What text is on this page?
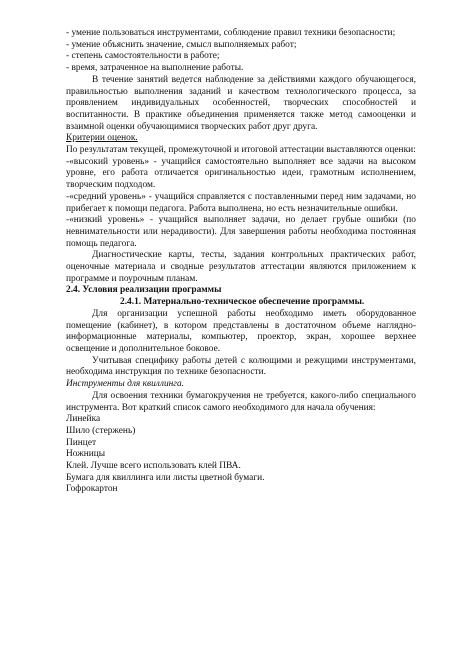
- умение пользоваться инструментами, соблюдение правил техники безопасности;

- умение объяснить значение, смысл выполняемых работ;

- степень самостоятельности в работе;

- время, затраченное на выполнение работы.

В течение занятий ведется наблюдение за действиями каждого обучающегося, правильностью выполнения заданий и качеством технологического процесса, за проявлением индивидуальных особенностей, творческих способностей и воспитанности. В практике объединения применяется также метод самооценки и взаимной оценки обучающимися творческих работ друг друга.

Критерии оценок.

По результатам текущей, промежуточной и итоговой аттестации выставляются оценки:

-«высокий уровень» - учащийся самостоятельно выполняет все задачи на высоком уровне, его работа отличается оригинальностью идеи, грамотным исполнением, творческим подходом.

-«средний уровень» - учащийся справляется с поставленными перед ним задачами, но прибегает к помощи педагога. Работа выполнена, но есть незначительные ошибки.

-«низкий уровень» - учащийся выполняет задачи, но делает грубые ошибки (по невнимательности или нерадивости). Для завершения работы необходима постоянная помощь педагога.

Диагностические карты, тесты, задания контрольных практических работ, оценочные материала и сводные результатов аттестации являются приложением к программе и поурочным планам.

2.4. Условия реализации программы

2.4.1. Материально-техническое обеспечение программы.

Для организации успешной работы необходимо иметь оборудованное помещение (кабинет), в котором представлены в достаточном объеме наглядно-информационные материалы, компьютер, проектор, экран, хорошее верхнее освещение и дополнительное боковое.

Учитывая специфику работы детей с колющими и режущими инструментами, необходима инструкция по технике безопасности.

Инструменты для квиллинга.

Для освоения техники бумагокручения не требуется, какого-либо специального инструмента. Вот краткий список самого необходимого для начала обучения:

Линейка

Шило (стержень)

Пинцет

Ножницы

Клей. Лучше всего использовать клей ПВА.

Бумага для квиллинга или листы цветной бумаги.

Гофрокартон
